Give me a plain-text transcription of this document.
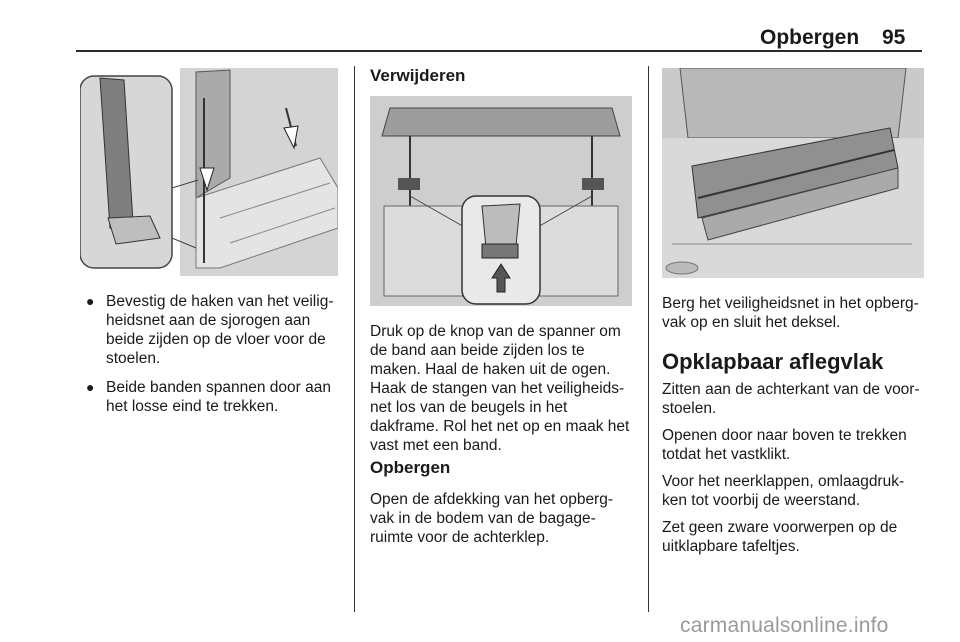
Opbergen 95
● Bevestig de haken van het veilig-heidsnet aan de sjorogen aan beide zijden op de vloer voor de stoelen.
● Beide banden spannen door aan het losse eind te trekken.
Verwijderen

Druk op de knop van de spanner om de band aan beide zijden los te maken. Haal de haken uit de ogen. Haak de stangen van het veiligheids-net los van de beugels in het dakframe. Rol het net op en maak het vast met een band.

Opbergen

Open de afdekking van het opberg-vak in de bodem van de bagage-ruimte voor de achterklep.

Berg het veiligheidsnet in het opberg-vak op en sluit het deksel.

Opklapbaar aflegvlak

Zitten aan de achterkant van de voor-stoelen.

Openen door naar boven te trekken totdat het vastklikt.

Voor het neerklappen, omlaagdruk-ken tot voorbij de weerstand.

Zet geen zware voorwerpen op de uitklapbare tafeltjes.

carmanualsonline.info
